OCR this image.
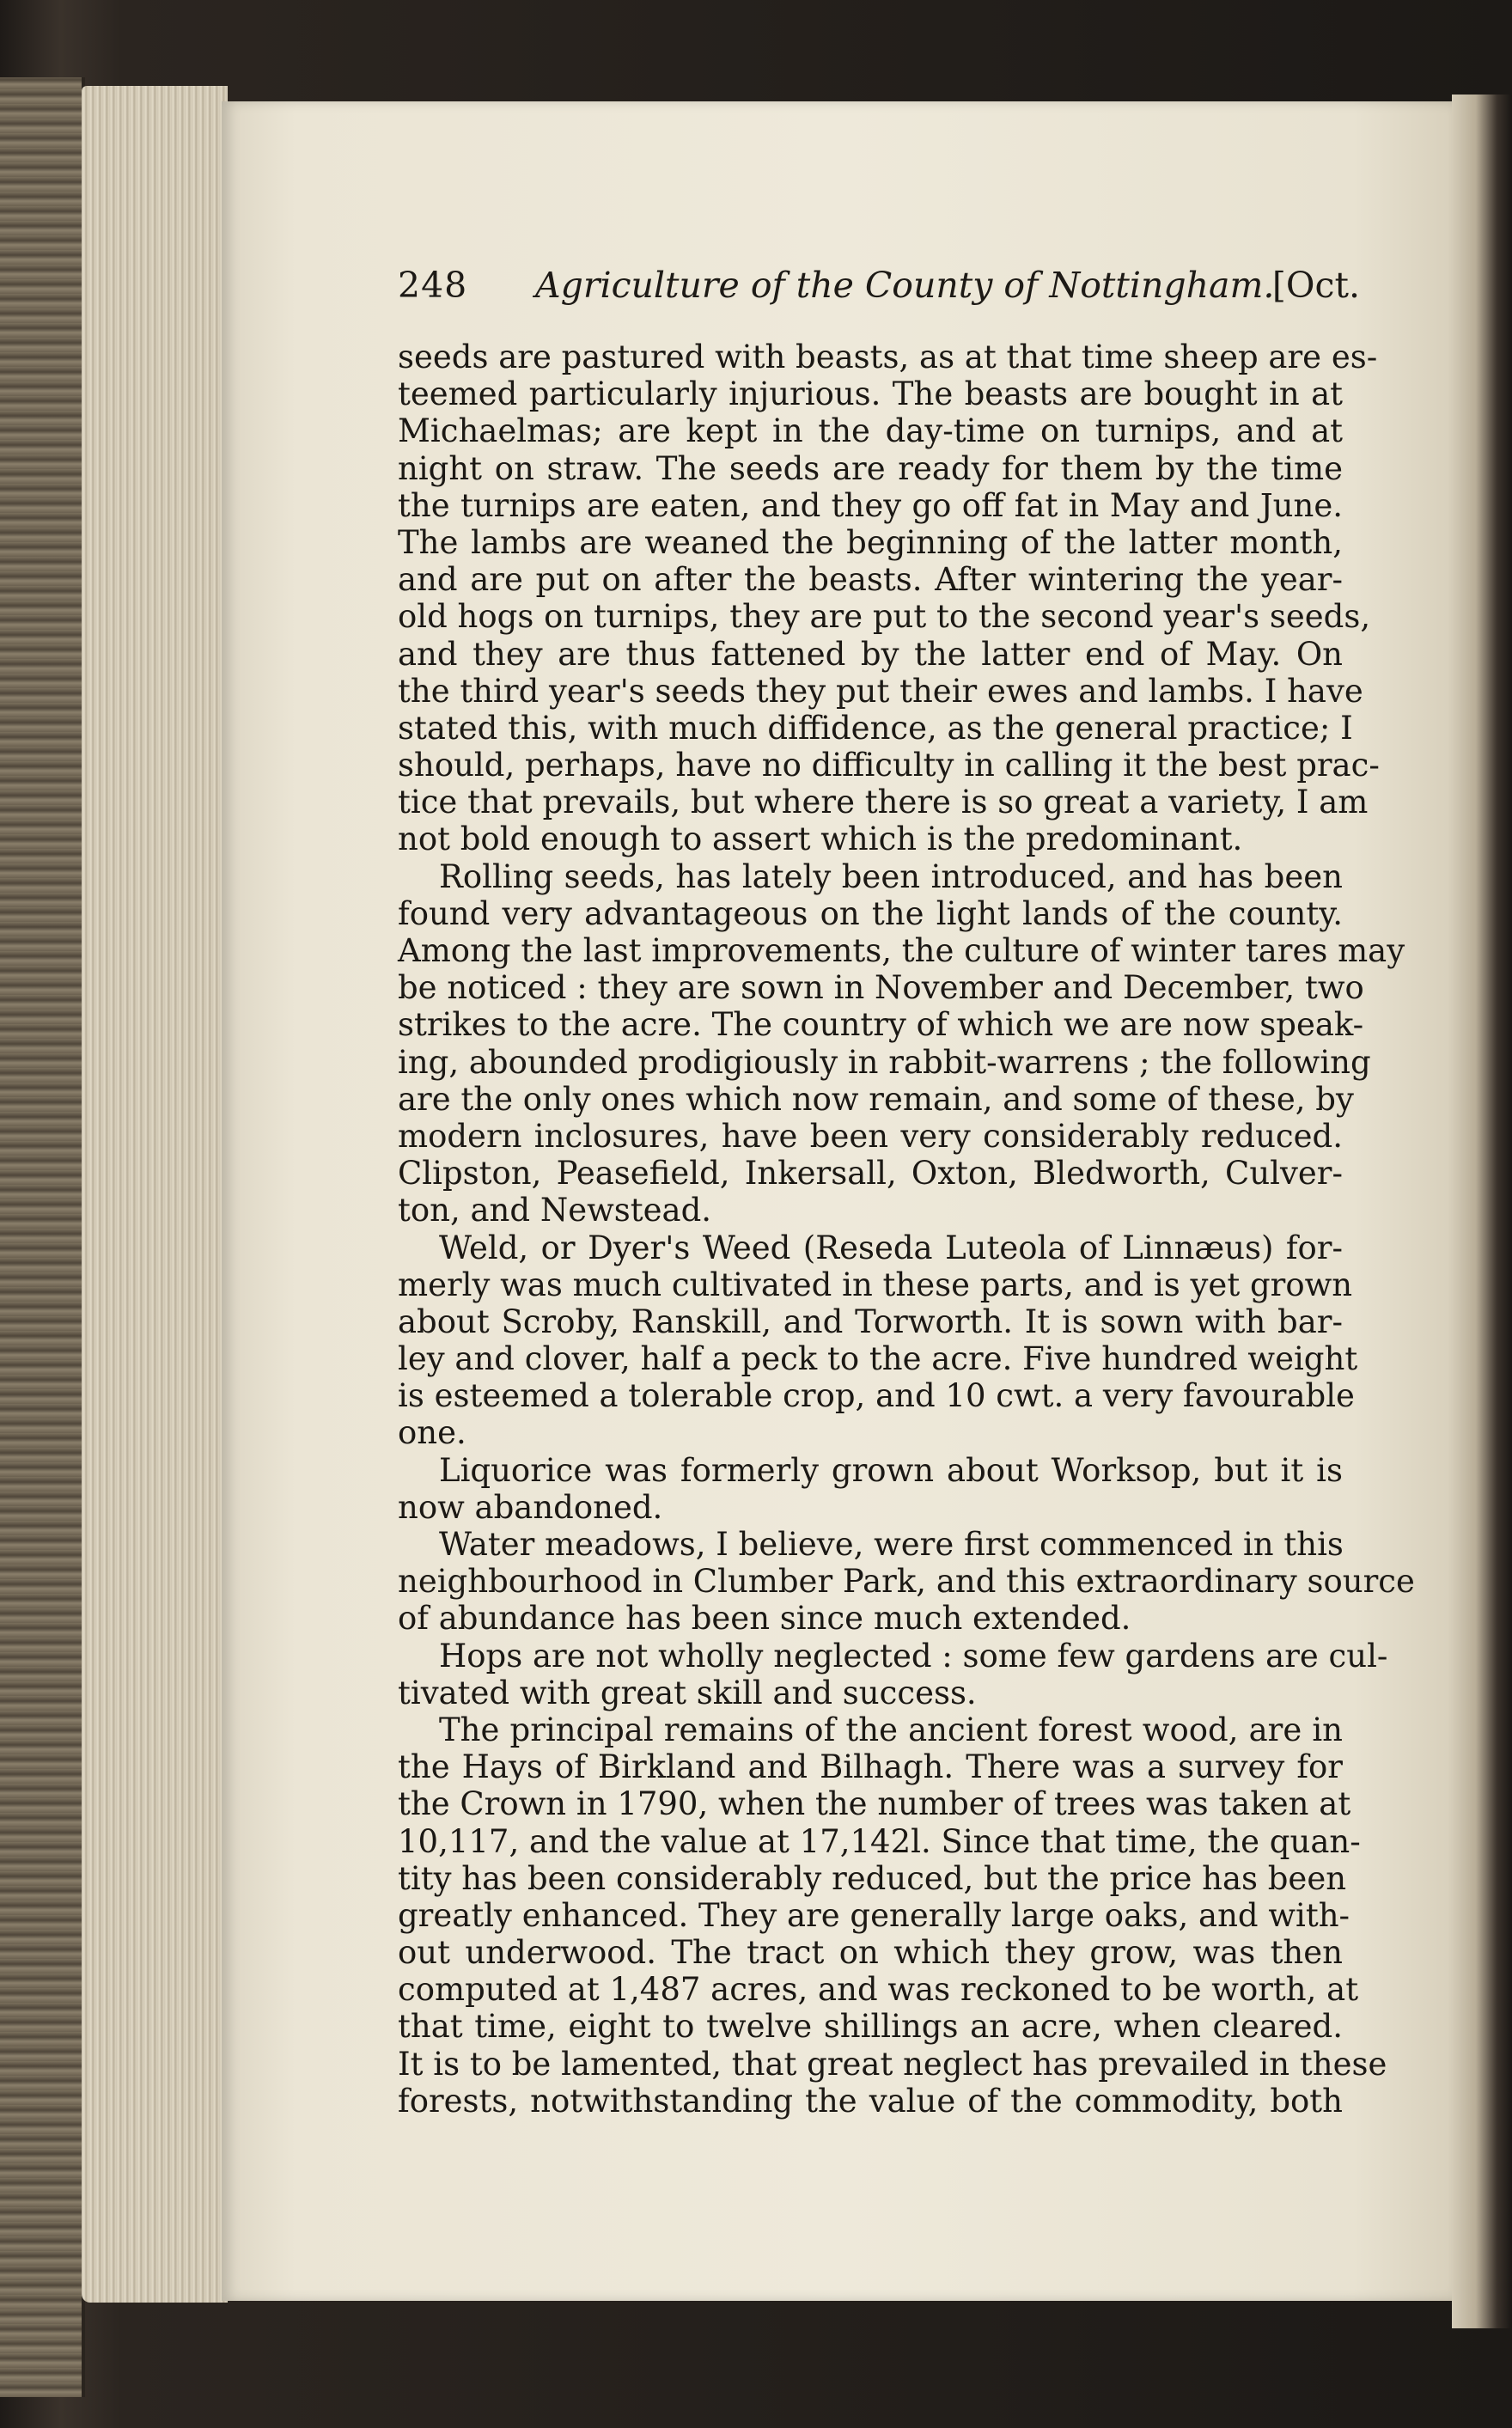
248 Agriculture of the County of Nottingham.
[Oct.
seeds are pastured with beasts, as at that time sheep are es-
teemed particularly injurious. The beasts are bought in at
Michaelmas; are kept in the day-time on turnips, and at
night on straw. The seeds are ready for them by the time
the turnips are eaten, and they go off fat in May and June.
The lambs are weaned the beginning of the latter month,
and are put on after the beasts. After wintering the year-
old hogs on turnips, they are put to the second year's seeds,
and they are thus fattened by the latter end of May. On
the third year's seeds they put their ewes and lambs. I have
stated this, with much diffidence, as the general practice; I
should, perhaps, have no difficulty in calling it the best prac-
tice that prevails, but where there is so great a variety, I am
not bold enough to assert which is the predominant.
Rolling seeds, has lately been introduced, and has been
found very advantageous on the light lands of the county.
Among the last improvements, the culture of winter tares may
be noticed : they are sown in November and December, two
strikes to the acre. The country of which we are now speak-
ing, abounded prodigiously in rabbit-warrens ; the following
are the only ones which now remain, and some of these, by
modern inclosures, have been very considerably reduced.
Clipston, Peasefield, Inkersall, Oxton, Bledworth, Culver-
ton, and Newstead.
Weld, or Dyer's Weed (Reseda Luteola of Linnæus) for-
merly was much cultivated in these parts, and is yet grown
about Scroby, Ranskill, and Torworth. It is sown with bar-
ley and clover, half a peck to the acre. Five hundred weight
is esteemed a tolerable crop, and 10 cwt. a very favourable
one.
Liquorice was formerly grown about Worksop, but it is
now abandoned.
Water meadows, I believe, were first commenced in this
neighbourhood in Clumber Park, and this extraordinary source
of abundance has been since much extended.
Hops are not wholly neglected : some few gardens are cul-
tivated with great skill and success.
The principal remains of the ancient forest wood, are in
the Hays of Birkland and Bilhagh. There was a survey for
the Crown in 1790, when the number of trees was taken at
10,117, and the value at 17,142l. Since that time, the quan-
tity has been considerably reduced, but the price has been
greatly enhanced. They are generally large oaks, and with-
out underwood. The tract on which they grow, was then
computed at 1,487 acres, and was reckoned to be worth, at
that time, eight to twelve shillings an acre, when cleared.
It is to be lamented, that great neglect has prevailed in these
forests, notwithstanding the value of the commodity, both
